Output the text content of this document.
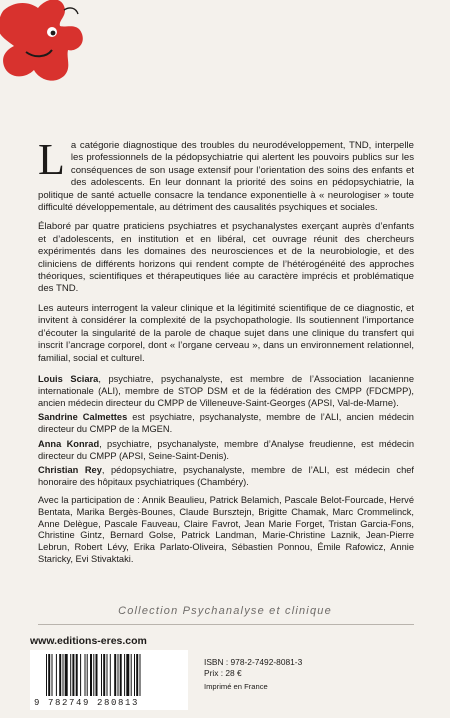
La catégorie diagnostique des troubles du neurodéveloppement, TND, interpelle les professionnels de la pédopsychiatrie qui alertent les pouvoirs publics sur les conséquences de son usage extensif pour l’orientation des soins des enfants et des adolescents. En leur donnant la priorité des soins en pédopsychiatrie, la politique de santé actuelle consacre la tendance exponentielle à « neurologiser » toute difficulté développementale, au détriment des causalités psychiques et sociales.

Élaboré par quatre praticiens psychiatres et psychanalystes exerçant auprès d’enfants et d’adolescents, en institution et en libéral, cet ouvrage réunit des chercheurs expérimentés dans les domaines des neurosciences et de la neurobiologie, et des cliniciens de différents horizons qui rendent compte de l’hétérogénéité des approches théoriques, scientifiques et thérapeutiques liée au caractère imprécis et problématique des TND.

Les auteurs interrogent la valeur clinique et la légitimité scientifique de ce diagnostic, et invitent à considérer la complexité de la psychopathologie. Ils soutiennent l’importance d’écouter la singularité de la parole de chaque sujet dans une clinique du transfert qui inscrit l’ancrage corporel, dont « l’organe cerveau », dans un environnement relationnel, familial, social et culturel.

Louis Sciara, psychiatre, psychanalyste, est membre de l’Association lacanienne internationale (ALI), membre de STOP DSM et de la fédération des CMPP (FDCMPP), ancien médecin directeur du CMPP de Villeneuve-Saint-Georges (APSI, Val-de-Marne).

Sandrine Calmettes est psychiatre, psychanalyste, membre de l’ALI, ancien médecin directeur du CMPP de la MGEN.

Anna Konrad, psychiatre, psychanalyste, membre d’Analyse freudienne, est médecin directeur du CMPP (APSI, Seine-Saint-Denis).

Christian Rey, pédopsychiatre, psychanalyste, membre de l’ALI, est médecin chef honoraire des hôpitaux psychiatriques (Chambéry).

Avec la participation de : Annik Beaulieu, Patrick Belamich, Pascale Belot-Fourcade, Hervé Bentata, Marika Bergès-Bounes, Claude Bursztejn, Brigitte Chamak, Marc Crommelinck, Anne Delègue, Pascale Fauveau, Claire Favrot, Jean Marie Forget, Tristan Garcia-Fons, Christine Gintz, Bernard Golse, Patrick Landman, Marie-Christine Laznik, Jean-Pierre Lebrun, Robert Lévy, Erika Parlato-Oliveira, Sébastien Ponnou, Émile Rafowicz, Annie Staricky, Evi Stivaktaki.

Collection Psychanalyse et clinique
www.editions-eres.com
9 782749 280813
ISBN : 978-2-7492-8081-3
Prix : 28 €
Imprimé en France
